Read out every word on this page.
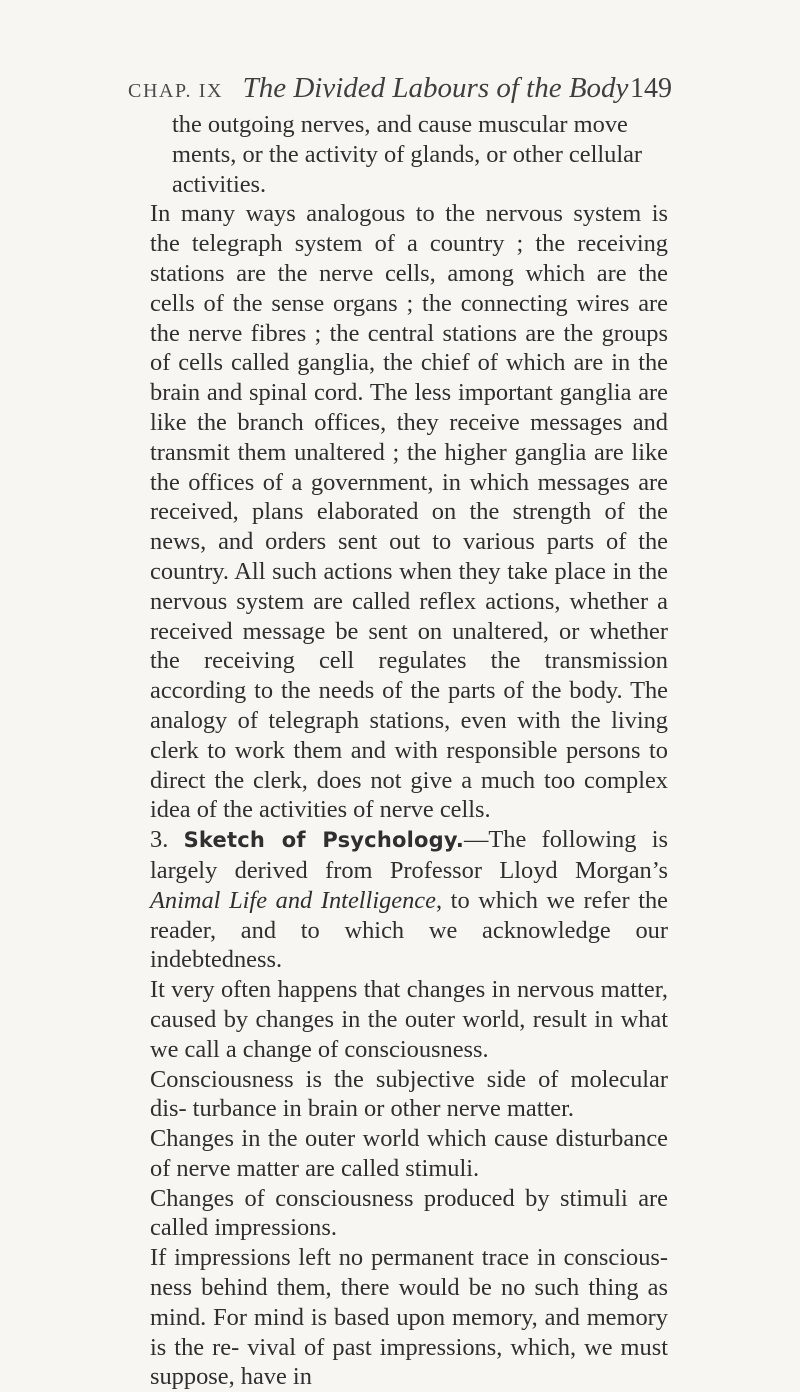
CHAP. IX The Divided Labours of the Body 149

the outgoing nerves, and cause muscular move ments, or the activity of glands, or other cellular activities.

In many ways analogous to the nervous system is the telegraph system of a country ; the receiving stations are the nerve cells, among which are the cells of the sense organs ; the connecting wires are the nerve fibres ; the central stations are the groups of cells called ganglia, the chief of which are in the brain and spinal cord. The less important ganglia are like the branch offices, they receive messages and transmit them unaltered ; the higher ganglia are like the offices of a government, in which messages are received, plans elaborated on the strength of the news, and orders sent out to various parts of the country. All such actions when they take place in the nervous system are called reflex actions, whether a received message be sent on unaltered, or whether the receiving cell regulates the transmission according to the needs of the parts of the body. The analogy of telegraph stations, even with the living clerk to work them and with responsible persons to direct the clerk, does not give a much too complex idea of the activities of nerve cells.

3. Sketch of Psychology.—The following is largely derived from Professor Lloyd Morgan’s Animal Life and Intelligence, to which we refer the reader, and to which we acknowledge our indebtedness.

It very often happens that changes in nervous matter, caused by changes in the outer world, result in what we call a change of consciousness.

Consciousness is the subjective side of molecular dis- turbance in brain or other nerve matter.

Changes in the outer world which cause disturbance of nerve matter are called stimuli.

Changes of consciousness produced by stimuli are called impressions.

If impressions left no permanent trace in conscious- ness behind them, there would be no such thing as mind. For mind is based upon memory, and memory is the re- vival of past impressions, which, we must suppose, have in
